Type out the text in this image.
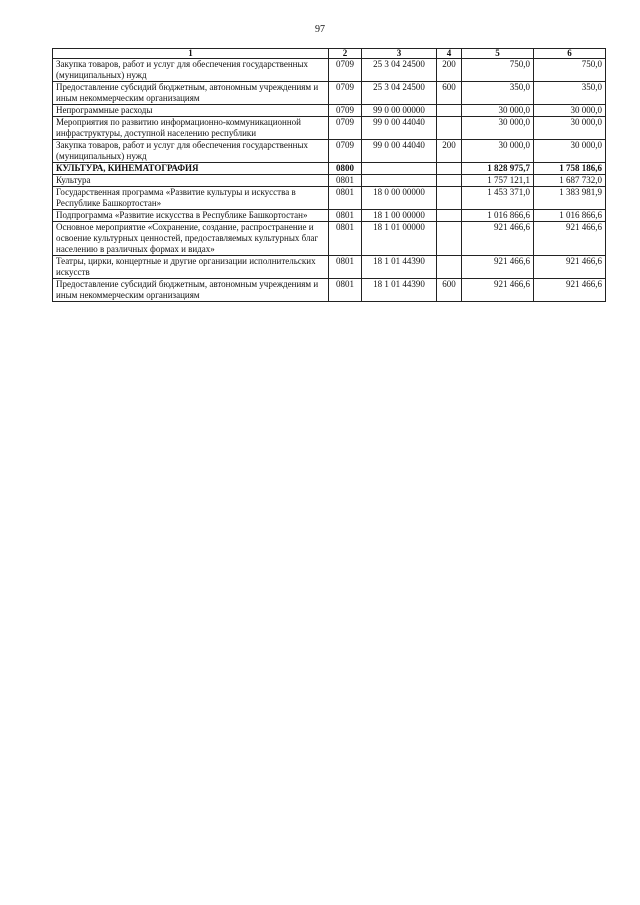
97
1	2	3	4	5	6
Закупка товаров, работ и услуг для обеспечения государственных (муниципальных) нужд	0709	25 3 04 24500	200	750,0	750,0
Предоставление субсидий бюджетным, автономным учреждениям и иным некоммерческим организациям	0709	25 3 04 24500	600	350,0	350,0
Непрограммные расходы	0709	99 0 00 00000		30 000,0	30 000,0
Мероприятия по развитию информационно-коммуникационной инфраструктуры, доступной населению республики	0709	99 0 00 44040		30 000,0	30 000,0
Закупка товаров, работ и услуг для обеспечения государственных (муниципальных) нужд	0709	99 0 00 44040	200	30 000,0	30 000,0
КУЛЬТУРА, КИНЕМАТОГРАФИЯ	0800			1 828 975,7	1 758 186,6
Культура	0801			1 757 121,1	1 687 732,0
Государственная программа «Развитие культуры и искусства в Республике Башкортостан»	0801	18 0 00 00000		1 453 371,0	1 383 981,9
Подпрограмма «Развитие искусства в Республике Башкортостан»	0801	18 1 00 00000		1 016 866,6	1 016 866,6
Основное мероприятие «Сохранение, создание, распространение и освоение культурных ценностей, предоставляемых культурных благ населению в различных формах и видах»	0801	18 1 01 00000		921 466,6	921 466,6
Театры, цирки, концертные и другие организации исполнительских искусств	0801	18 1 01 44390		921 466,6	921 466,6
Предоставление субсидий бюджетным, автономным учреждениям и иным некоммерческим организациям	0801	18 1 01 44390	600	921 466,6	921 466,6
